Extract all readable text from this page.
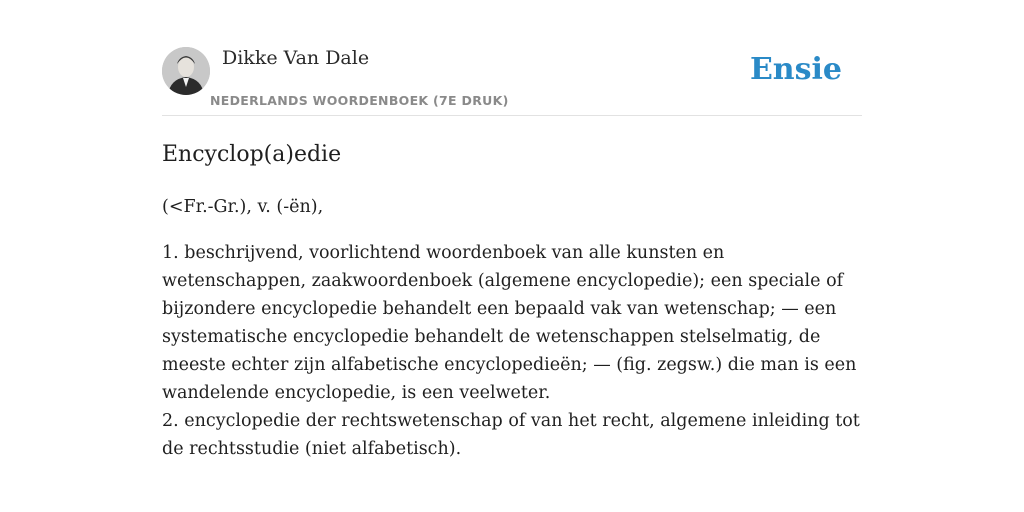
Dikke Van Dale
NEDERLANDS WOORDENBOEK (7E DRUK)
Ensie
Encyclop(a)edie
(<Fr.-Gr.), v. (-ën),

1. beschrijvend, voorlichtend woordenboek van alle kunsten en wetenschappen, zaakwoordenboek (algemene encyclopedie); een speciale of bijzondere encyclopedie behandelt een bepaald vak van wetenschap; — een systematische encyclopedie behandelt de wetenschappen stelselmatig, de meeste echter zijn alfabetische encyclopedieën; — (fig. zegsw.) die man is een wandelende encyclopedie, is een veelweter.

2. encyclopedie der rechtswetenschap of van het recht, algemene inleiding tot de rechtsstudie (niet alfabetisch).
